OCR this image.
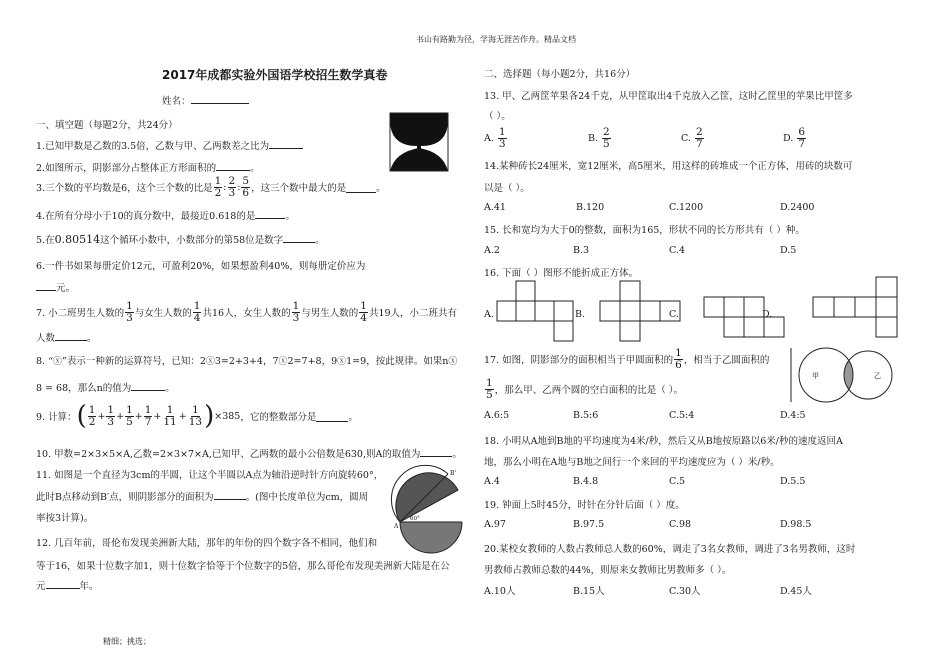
书山有路勤为径，学海无涯苦作舟。精品文档
精细；挑选；
2017年成都实验外国语学校招生数学真卷
姓名：
一、填空题（每题2分，共24分）
1.已知甲数是乙数的3.5倍，乙数与甲、乙两数差之比为
2.如图所示，阴影部分占整体正方形面积的	。
3.三个数的平均数是6，这个三个数的比是 $\frac{1}{2}$ : $\frac{2}{3}$ : $\frac{5}{6}$ ，这三个数中最大的是	。
4.在所有分母小于10的真分数中，最接近0.618的是	。
5.在0.80514这个循环小数中，小数部分的第58位是数字	。
6.一件书如果每册定价12元，可盈利20%，如果想盈利40%，则每册定价应为
元。
7. 小二班男生人数的 $\frac{1}{3}$ 与女生人数的 $\frac{1}{4}$ 共16人，女生人数的 $\frac{1}{3}$ 与男生人数的 $\frac{1}{4}$ 共19人，小二班共有
人数	。
8. “ⓧ”表示一种新的运算符号，已知：2ⓧ3=2+3+4，7ⓧ2=7+8，9ⓧ1=9，按此规律。如果nⓧ
8 = 68，那么n的值为	。
9. 计算： ( $\frac{1}{2} + \frac{1}{3} + \frac{1}{5} + \frac{1}{7} + \frac{1}{11} + \frac{1}{13}$ ) ×385 ，它的整数部分是	。
10. 甲数=2×3×5×A,乙数=2×3×7×A,已知甲、乙两数的最小公倍数是630,则A的取值为	。
11. 如图是一个直径为3cm的半圆，让这个半圆以A点为轴沿逆时针方向旋转60°，
此时B点移动到B′点，则阴影部分的面积为	。(图中长度单位为cm，圆周
率按3计算)。
B'
A
60°
12. 几百年前，哥伦布发现美洲新大陆，那年的年份的四个数字各不相同，他们和
等于16，如果十位数字加1，则十位数字恰等于个位数字的5倍，那么哥伦布发现美洲新大陆是在公
元	年。
二、选择题（每小题2分，共16分）
13. 甲、乙两筐苹果各24千克，从甲筐取出4千克放入乙筐，这时乙筐里的苹果比甲筐多
（ ）。
A.
$\frac{1}{3}$	B.
$\frac{2}{5}$	C.
$\frac{2}{7}$	D.
$\frac{6}{7}$
14.某种砖长24厘米，宽12厘米，高5厘米，用这样的砖堆成一个正方体，用砖的块数可
以是（ ）。
A.41	B.120	C.1200	D.2400
15. 长和宽均为大于0的整数，面积为165，形状不同的长方形共有（ ）种。
A.2	B.3	C.4	D.5
16. 下面（ ）图形不能折成正方体。
A.	B.	C.	D.
17. 如图，阴影部分的面积相当于甲圆面积的 $\frac{1}{6}$ ，相当于乙圆面积的
$\frac{1}{5}$ ，那么甲、乙两个圆的空白面积的比是（ ）。
甲	乙
A.6:5	B.5:6	C.5:4	D.4:5
18. 小明从A地到B地的平均速度为4米/秒，然后又从B地按原路以6米/秒的速度返回A
地，那么小明在A地与B地之间行一个来回的平均速度应为（ ）米/秒。
A.4	B.4.8	C.5	D.5.5
19. 钟面上5时45分，时针在分针后面（ ）度。
A.97	B.97.5	C.98	D.98.5
20.某校女教师的人数占教师总人数的60%，调走了3名女教师，调进了3名男教师，这时
男教师占教师总数的44%，则原来女教师比男教师多（ ）。
A.10人	B.15人	C.30人	D.45人
